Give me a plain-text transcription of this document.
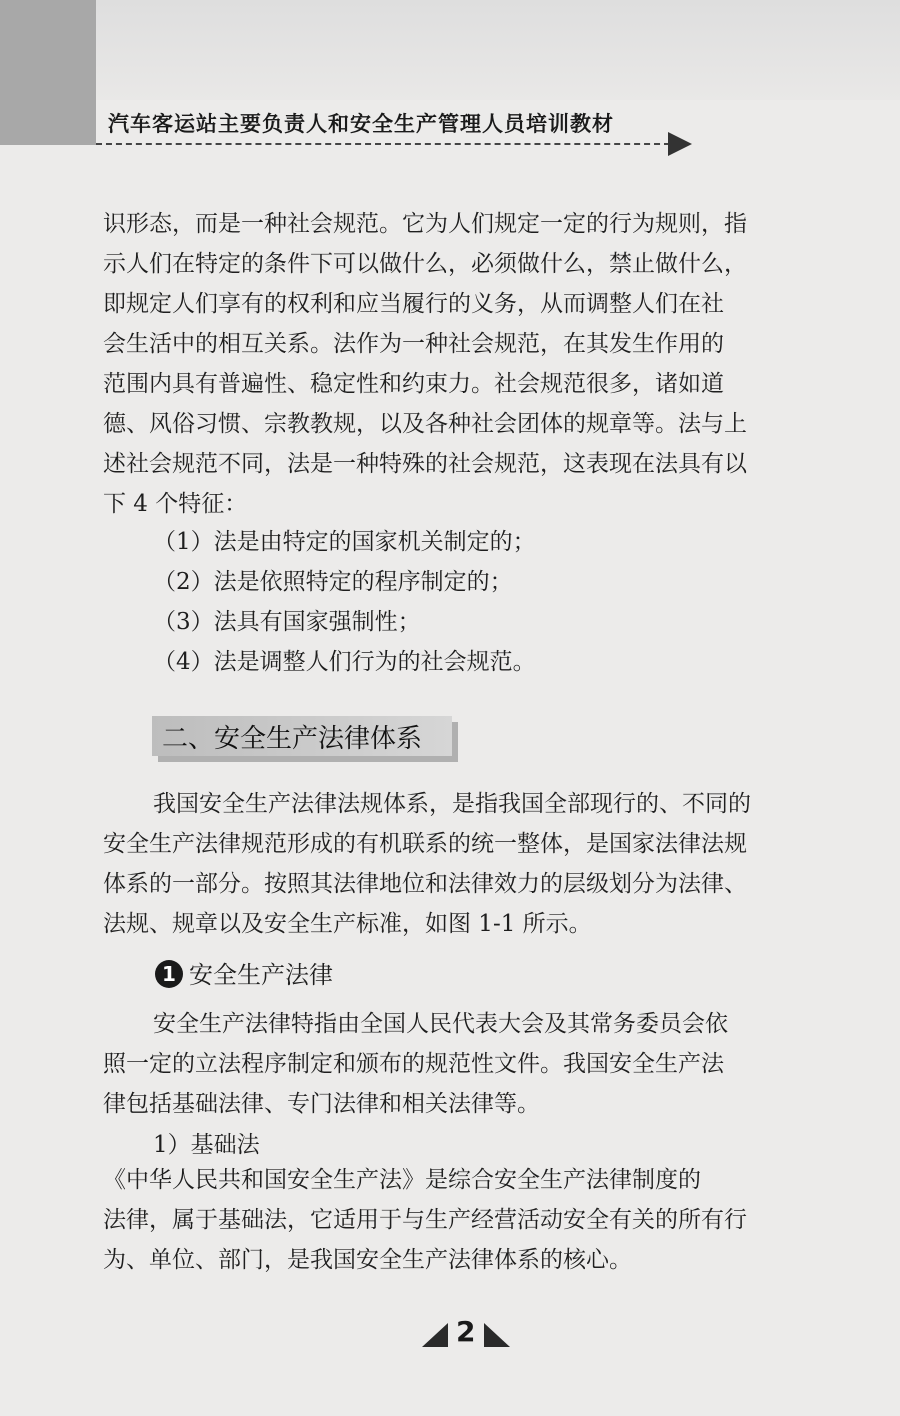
汽车客运站主要负责人和安全生产管理人员培训教材

识形态，而是一种社会规范。它为人们规定一定的行为规则，指

示人们在特定的条件下可以做什么，必须做什么，禁止做什么，

即规定人们享有的权利和应当履行的义务，从而调整人们在社

会生活中的相互关系。法作为一种社会规范，在其发生作用的

范围内具有普遍性、稳定性和约束力。社会规范很多，诸如道

德、风俗习惯、宗教教规，以及各种社会团体的规章等。法与上

述社会规范不同，法是一种特殊的社会规范，这表现在法具有以

下 4 个特征：

（1）法是由特定的国家机关制定的；
（2）法是依照特定的程序制定的；
（3）法具有国家强制性；
（4）法是调整人们行为的社会规范。
二、安全生产法律体系

我国安全生产法律法规体系，是指我国全部现行的、不同的

安全生产法律规范形成的有机联系的统一整体，是国家法律法规

体系的一部分。按照其法律地位和法律效力的层级划分为法律、

法规、规章以及安全生产标准，如图 1-1 所示。

1 安全生产法律

安全生产法律特指由全国人民代表大会及其常务委员会依

照一定的立法程序制定和颁布的规范性文件。我国安全生产法

律包括基础法律、专门法律和相关法律等。

1）基础法

《中华人民共和国安全生产法》是综合安全生产法律制度的

法律，属于基础法，它适用于与生产经营活动安全有关的所有行

为、单位、部门，是我国安全生产法律体系的核心。

2
